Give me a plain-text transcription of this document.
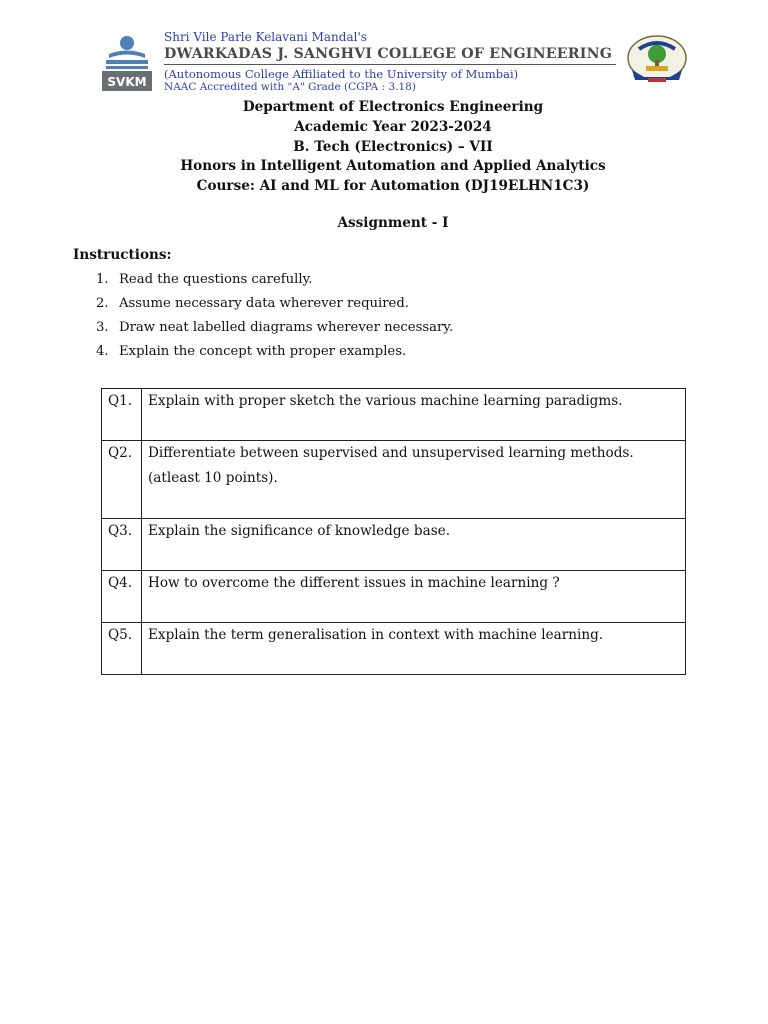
SVKM
Shri Vile Parle Kelavani Mandal's
DWARKADAS J. SANGHVI COLLEGE OF ENGINEERING
(Autonomous College Affiliated to the University of Mumbai)
NAAC Accredited with "A" Grade (CGPA : 3.18)
Department of Electronics Engineering
Academic Year 2023-2024
B. Tech (Electronics) – VII
Honors in Intelligent Automation and Applied Analytics
Course: AI and ML for Automation (DJ19ELHN1C3)
Assignment - I
Instructions:
1. Read the questions carefully.
2. Assume necessary data wherever required.
3. Draw neat labelled diagrams wherever necessary.
4. Explain the concept with proper examples.
Q1.	Explain with proper sketch the various machine learning paradigms.
Q2.	Differentiate between supervised and unsupervised learning methods.
(atleast 10 points).
Q3.	Explain the significance of knowledge base.
Q4.	How to overcome the different issues in machine learning ?
Q5.	Explain the term generalisation in context with machine learning.
